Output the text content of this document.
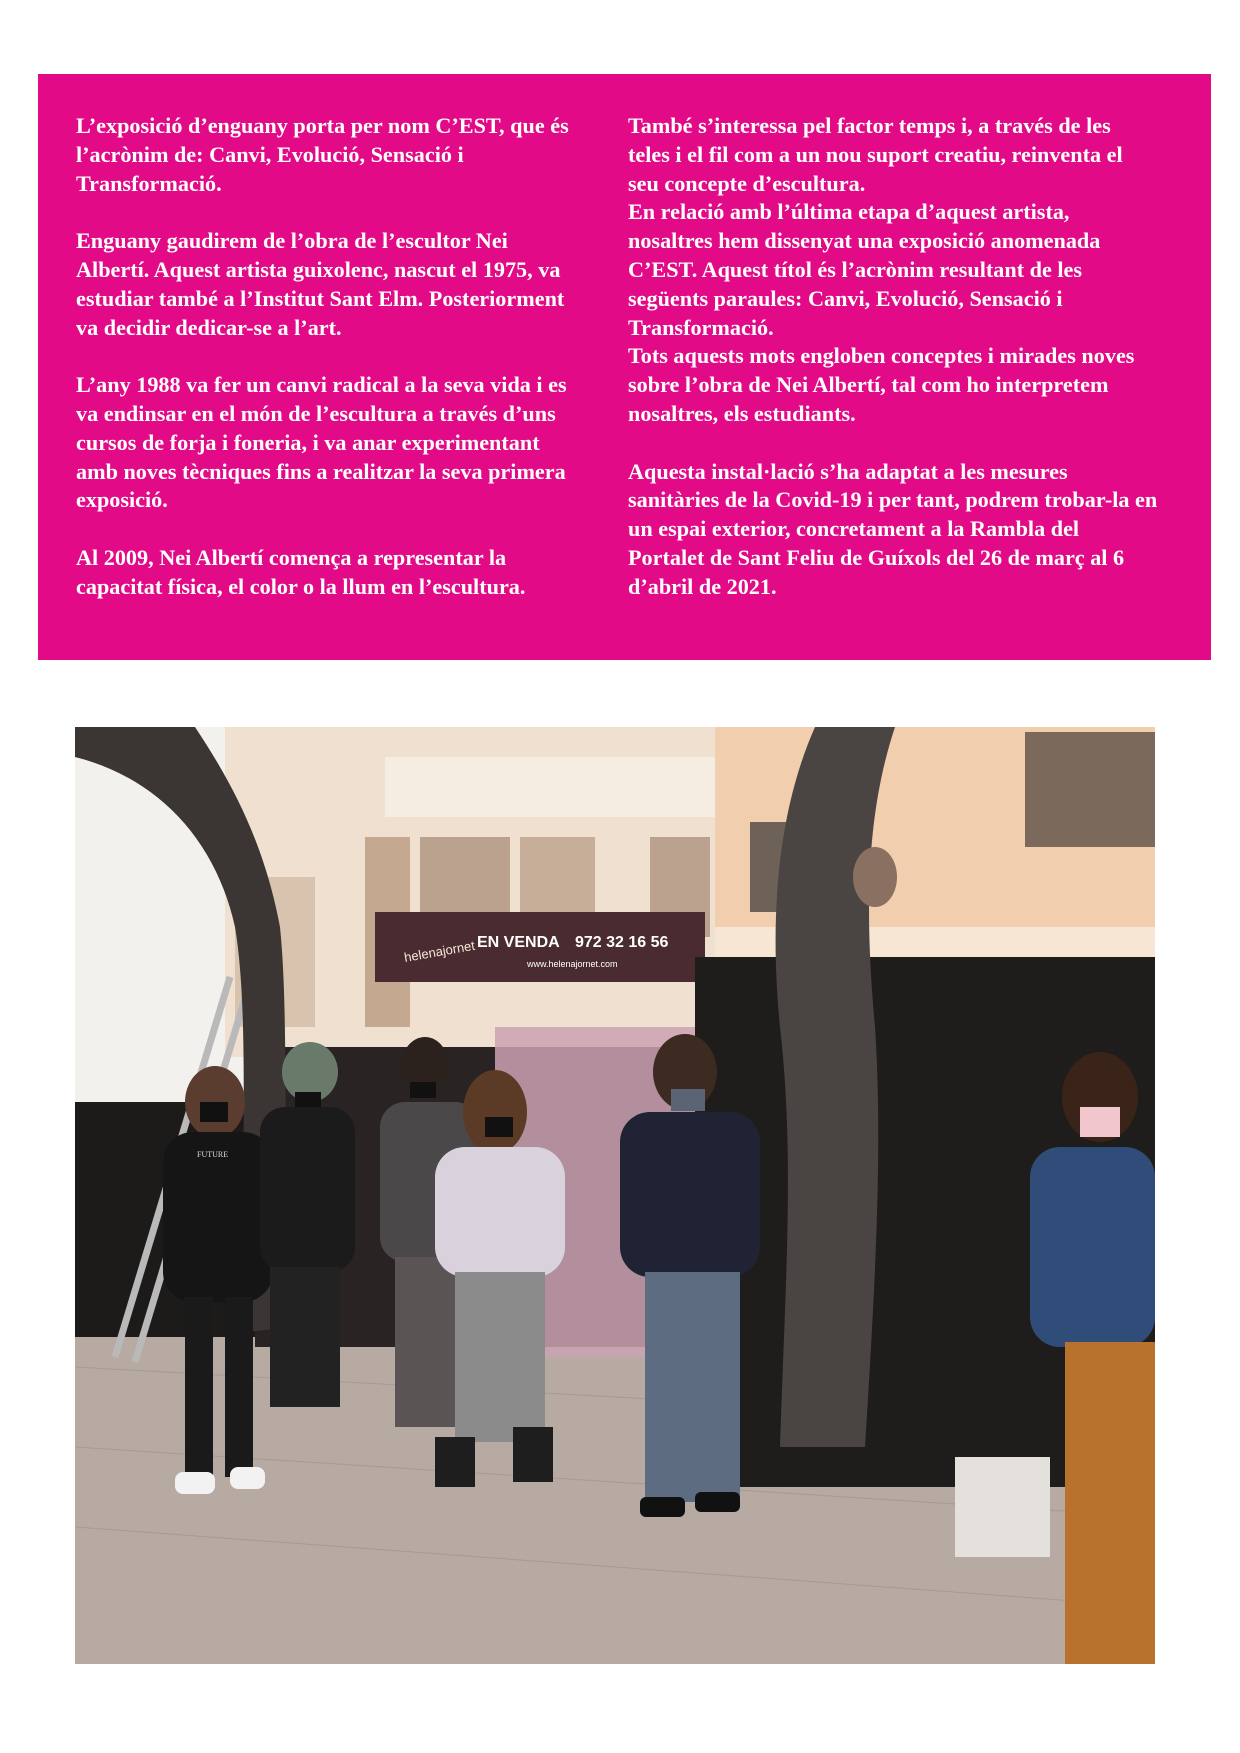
L’exposició d’enguany porta per nom C’EST, que és l’acrònim de: Canvi, Evolució, Sensació i Transformació.

Enguany gaudirem de l’obra de l’escultor Nei Albertí. Aquest artista guixolenc, nascut el 1975, va estudiar també a l’Institut Sant Elm. Posteriorment va decidir dedicar-se a l’art.

L’any 1988 va fer un canvi radical a la seva vida i es va endinsar en el món de l’escultura a través d’uns cursos de forja i foneria, i va anar experimentant amb noves tècniques fins a realitzar la seva primera exposició.

Al 2009, Nei Albertí comença a representar la capacitat física, el color o la llum en l’escultura.

També s’interessa pel factor temps i, a través de les teles i el fil com a un nou suport creatiu, reinventa el seu concepte d’escultura.

En relació amb l’última etapa d’aquest artista, nosaltres hem dissenyat una exposició anomenada C’EST. Aquest títol és l’acrònim resultant de les següents paraules: Canvi, Evolució, Sensació i Transformació.

Tots aquests mots engloben conceptes i mirades noves sobre l’obra de Nei Albertí, tal com ho interpretem nosaltres, els estudiants.

Aquesta instal·lació s’ha adaptat a les mesures sanitàries de la Covid-19 i per tant, podrem trobar-la en un espai exterior, concretament a la Rambla del Portalet de Sant Feliu de Guíxols del 26 de març al 6 d’abril de 2021.

helenajornet EN VENDA 972 32 16 56
www.helenajornet.com
FUTURE
